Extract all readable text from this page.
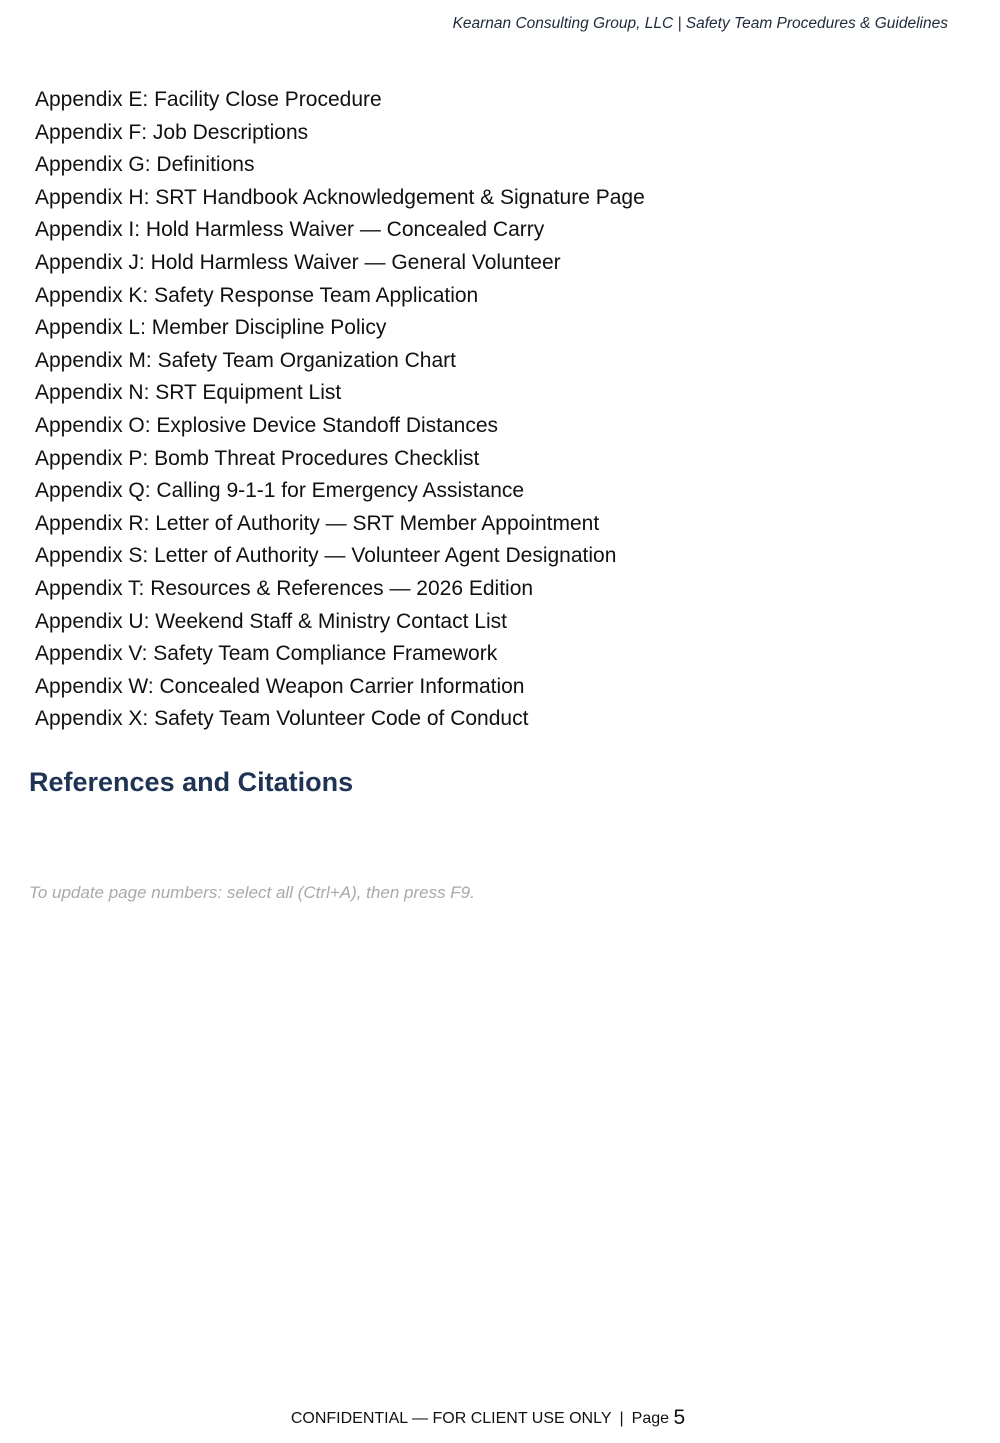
Kearnan Consulting Group, LLC | Safety Team Procedures & Guidelines
Appendix E: Facility Close Procedure
Appendix F: Job Descriptions
Appendix G: Definitions
Appendix H: SRT Handbook Acknowledgement & Signature Page
Appendix I: Hold Harmless Waiver — Concealed Carry
Appendix J: Hold Harmless Waiver — General Volunteer
Appendix K: Safety Response Team Application
Appendix L: Member Discipline Policy
Appendix M: Safety Team Organization Chart
Appendix N: SRT Equipment List
Appendix O: Explosive Device Standoff Distances
Appendix P: Bomb Threat Procedures Checklist
Appendix Q: Calling 9-1-1 for Emergency Assistance
Appendix R: Letter of Authority — SRT Member Appointment
Appendix S: Letter of Authority — Volunteer Agent Designation
Appendix T: Resources & References — 2026 Edition
Appendix U: Weekend Staff & Ministry Contact List
Appendix V: Safety Team Compliance Framework
Appendix W: Concealed Weapon Carrier Information
Appendix X: Safety Team Volunteer Code of Conduct
References and Citations

To update page numbers: select all (Ctrl+A), then press F9.

CONFIDENTIAL — FOR CLIENT USE ONLY | Page 5
